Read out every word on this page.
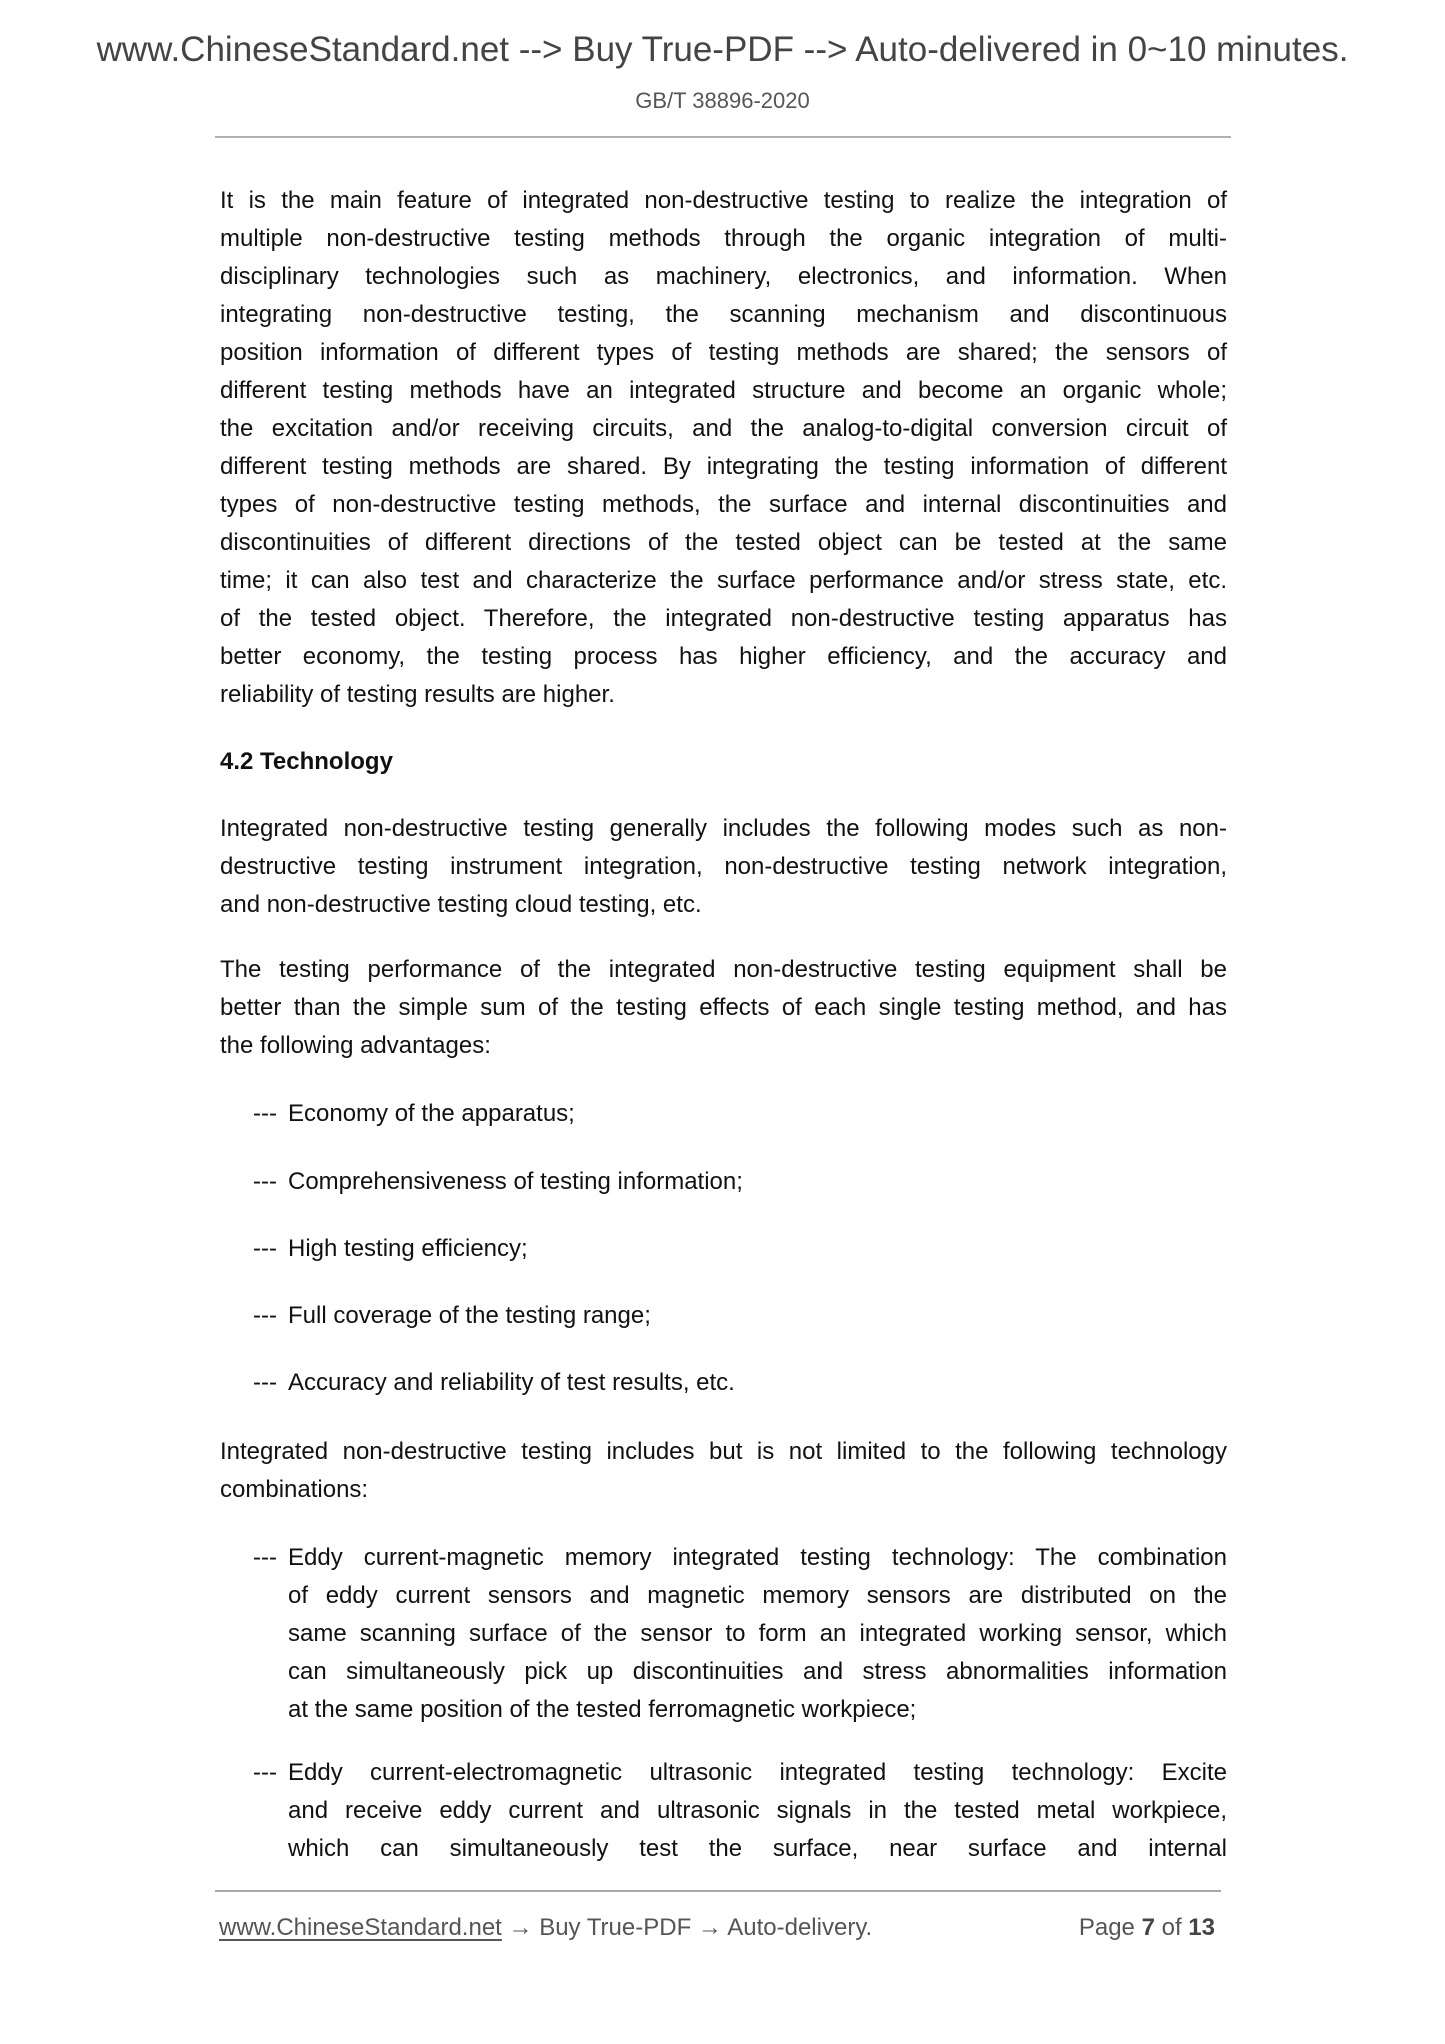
www.ChineseStandard.net --> Buy True-PDF --> Auto-delivered in 0~10 minutes.
GB/T 38896-2020
It is the main feature of integrated non-destructive testing to realize the integration of
multiple non-destructive testing methods through the organic integration of multi-
disciplinary technologies such as machinery, electronics, and information. When
integrating non-destructive testing, the scanning mechanism and discontinuous
position information of different types of testing methods are shared; the sensors of
different testing methods have an integrated structure and become an organic whole;
the excitation and/or receiving circuits, and the analog-to-digital conversion circuit of
different testing methods are shared. By integrating the testing information of different
types of non-destructive testing methods, the surface and internal discontinuities and
discontinuities of different directions of the tested object can be tested at the same
time; it can also test and characterize the surface performance and/or stress state, etc.
of the tested object. Therefore, the integrated non-destructive testing apparatus has
better economy, the testing process has higher efficiency, and the accuracy and
reliability of testing results are higher.
4.2 Technology
Integrated non-destructive testing generally includes the following modes such as non-
destructive testing instrument integration, non-destructive testing network integration,
and non-destructive testing cloud testing, etc.
The testing performance of the integrated non-destructive testing equipment shall be
better than the simple sum of the testing effects of each single testing method, and has
the following advantages:
--- Economy of the apparatus;
--- Comprehensiveness of testing information;
--- High testing efficiency;
--- Full coverage of the testing range;
--- Accuracy and reliability of test results, etc.
Integrated non-destructive testing includes but is not limited to the following technology
combinations:
--- Eddy current-magnetic memory integrated testing technology: The combination
of eddy current sensors and magnetic memory sensors are distributed on the
same scanning surface of the sensor to form an integrated working sensor, which
can simultaneously pick up discontinuities and stress abnormalities information
at the same position of the tested ferromagnetic workpiece;
--- Eddy current-electromagnetic ultrasonic integrated testing technology: Excite
and receive eddy current and ultrasonic signals in the tested metal workpiece,
which can simultaneously test the surface, near surface and internal
www.ChineseStandard.net → Buy True-PDF → Auto-delivery.	Page 7 of 13
